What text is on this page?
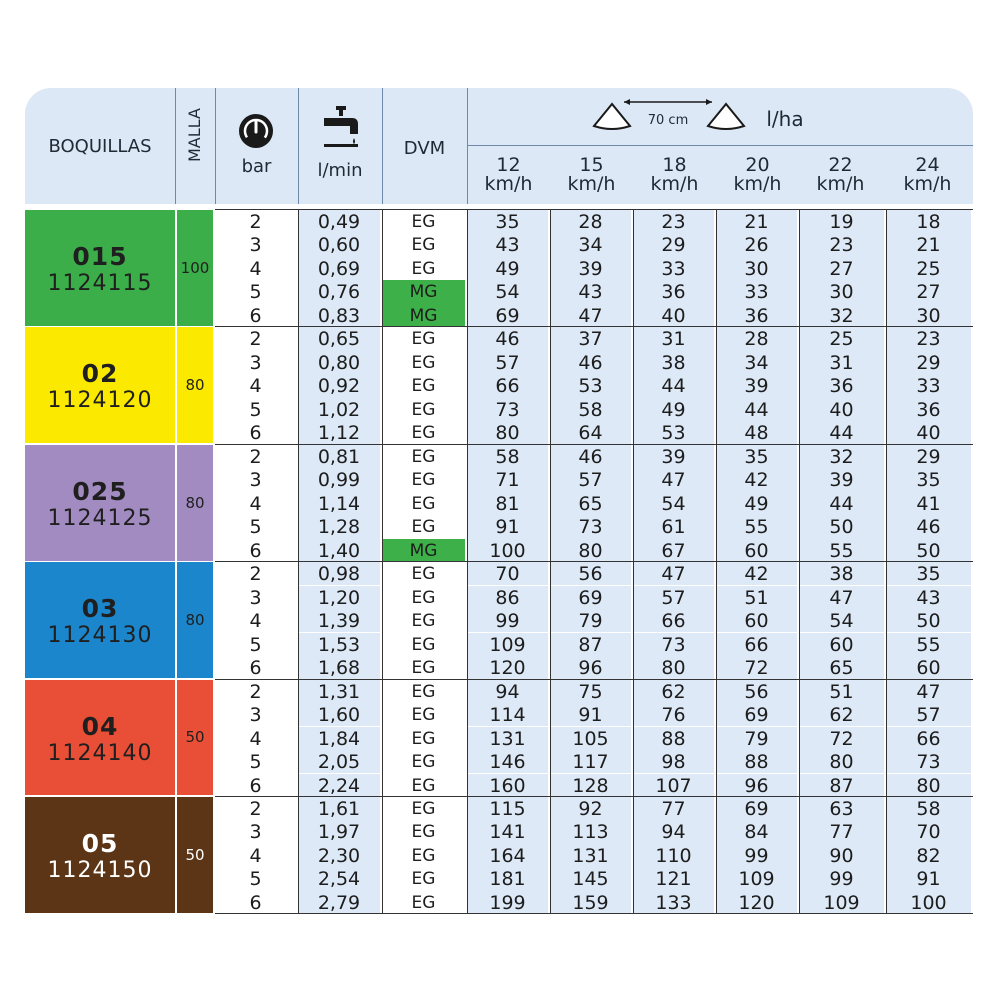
BOQUILLAS	MALLA
bar	l/min
DVM
70 cm	l/ha
12
km/h
15
km/h
18
km/h
20
km/h
22
km/h
24
km/h
015
1124115
100
2	0,49	EG	35	28	23	21	19	18
3	0,60	EG	43	34	29	26	23	21
4	0,69	EG	49	39	33	30	27	25
5	0,76	MG	54	43	36	33	30	27
6	0,83	MG	69	47	40	36	32	30
02
1124120
80
2	0,65	EG	46	37	31	28	25	23
3	0,80	EG	57	46	38	34	31	29
4	0,92	EG	66	53	44	39	36	33
5	1,02	EG	73	58	49	44	40	36
6	1,12	EG	80	64	53	48	44	40
025
1124125
80
2	0,81	EG	58	46	39	35	32	29
3	0,99	EG	71	57	47	42	39	35
4	1,14	EG	81	65	54	49	44	41
5	1,28	EG	91	73	61	55	50	46
6	1,40	MG	100	80	67	60	55	50
03
1124130
80
2	0,98	EG	70	56	47	42	38	35
3	1,20	EG	86	69	57	51	47	43
4	1,39	EG	99	79	66	60	54	50
5	1,53	EG	109	87	73	66	60	55
6	1,68	EG	120	96	80	72	65	60
04
1124140
50
2	1,31	EG	94	75	62	56	51	47
3	1,60	EG	114	91	76	69	62	57
4	1,84	EG	131	105	88	79	72	66
5	2,05	EG	146	117	98	88	80	73
6	2,24	EG	160	128	107	96	87	80
05
1124150
50
2	1,61	EG	115	92	77	69	63	58
3	1,97	EG	141	113	94	84	77	70
4	2,30	EG	164	131	110	99	90	82
5	2,54	EG	181	145	121	109	99	91
6	2,79	EG	199	159	133	120	109	100
